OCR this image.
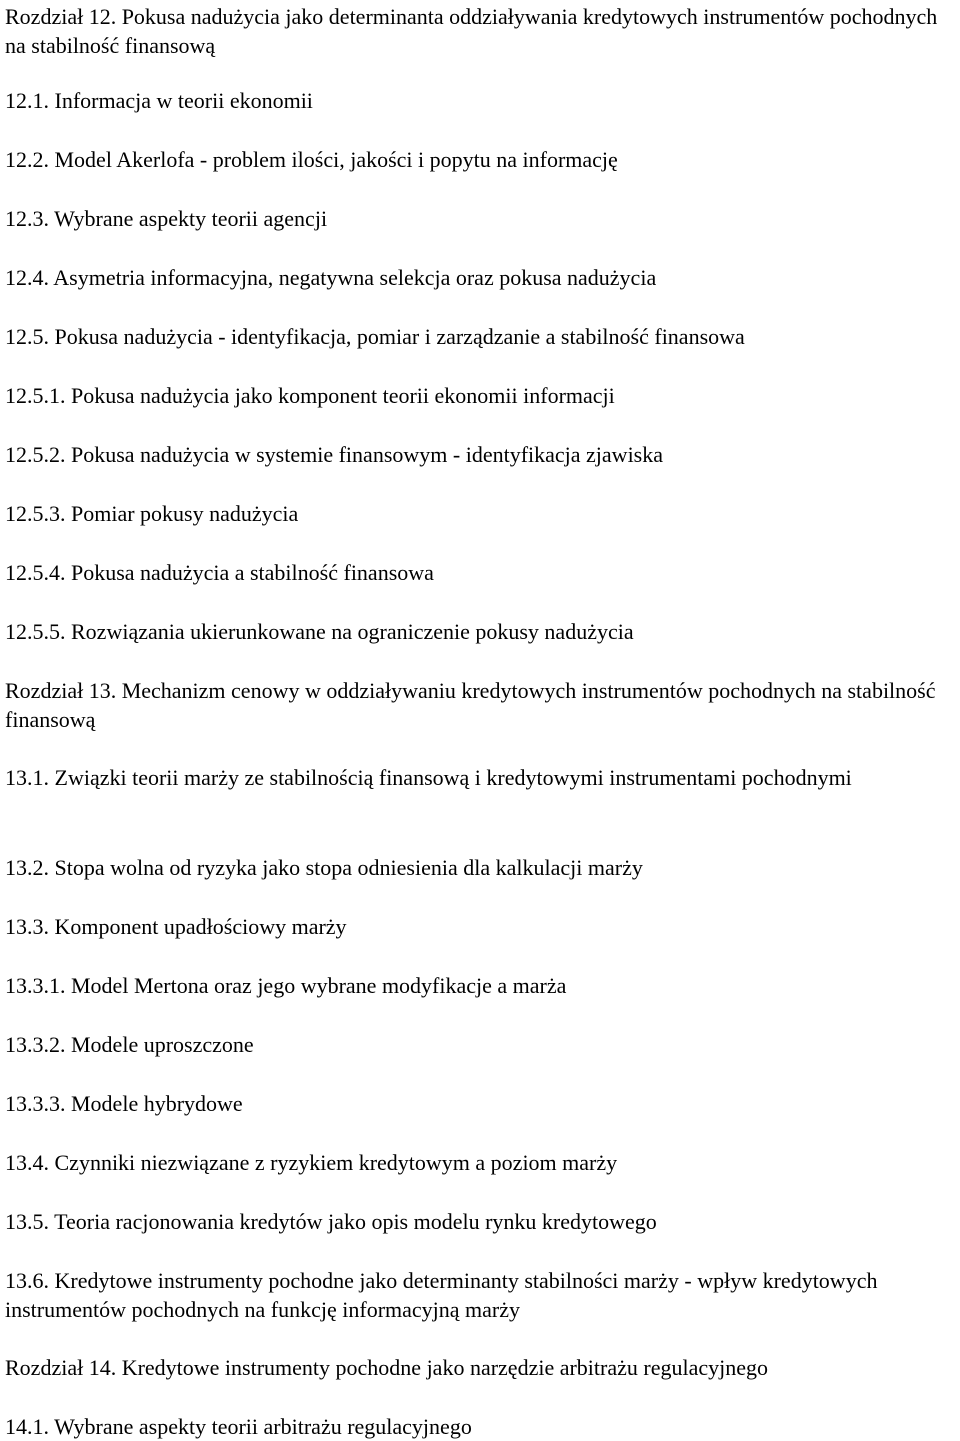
Rozdział 12. Pokusa nadużycia jako determinanta oddziaływania kredytowych instrumentów pochodnych na stabilność finansową

12.1. Informacja w teorii ekonomii

12.2. Model Akerlofa - problem ilości, jakości i popytu na informację

12.3. Wybrane aspekty teorii agencji

12.4. Asymetria informacyjna, negatywna selekcja oraz pokusa nadużycia

12.5. Pokusa nadużycia - identyfikacja, pomiar i zarządzanie a stabilność finansowa

12.5.1. Pokusa nadużycia jako komponent teorii ekonomii informacji

12.5.2. Pokusa nadużycia w systemie finansowym - identyfikacja zjawiska

12.5.3. Pomiar pokusy nadużycia

12.5.4. Pokusa nadużycia a stabilność finansowa

12.5.5. Rozwiązania ukierunkowane na ograniczenie pokusy nadużycia

Rozdział 13. Mechanizm cenowy w oddziaływaniu kredytowych instrumentów pochodnych na stabilność finansową

13.1. Związki teorii marży ze stabilnością finansową i kredytowymi instrumentami pochodnymi

13.2. Stopa wolna od ryzyka jako stopa odniesienia dla kalkulacji marży

13.3. Komponent upadłościowy marży

13.3.1. Model Mertona oraz jego wybrane modyfikacje a marża

13.3.2. Modele uproszczone

13.3.3. Modele hybrydowe

13.4. Czynniki niezwiązane z ryzykiem kredytowym a poziom marży

13.5. Teoria racjonowania kredytów jako opis modelu rynku kredytowego

13.6. Kredytowe instrumenty pochodne jako determinanty stabilności marży - wpływ kredytowych instrumentów pochodnych na funkcję informacyjną marży

Rozdział 14. Kredytowe instrumenty pochodne jako narzędzie arbitrażu regulacyjnego

14.1. Wybrane aspekty teorii arbitrażu regulacyjnego
